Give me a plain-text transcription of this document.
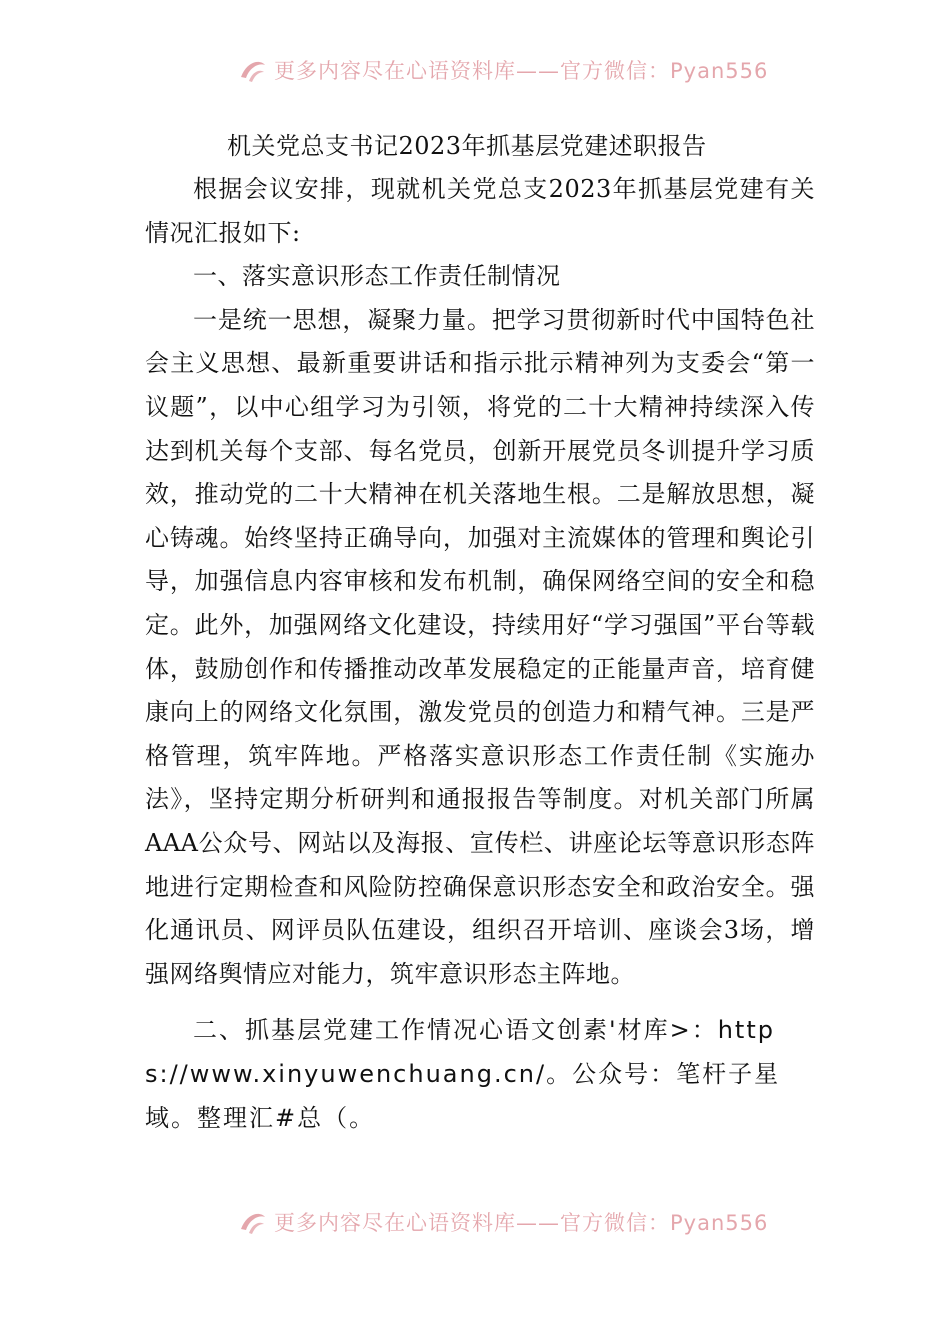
更多内容尽在心语资料库——官方微信：Pyan556
机关党总支书记2023年抓基层党建述职报告

根据会议安排，现就机关党总支2023年抓基层党建有关情况汇报如下:

一、落实意识形态工作责任制情况

一是统一思想，凝聚力量。把学习贯彻新时代中国特色社会主义思想、最新重要讲话和指示批示精神列为支委会“第一议题”，以中心组学习为引领，将党的二十大精神持续深入传达到机关每个支部、每名党员，创新开展党员冬训提升学习质效，推动党的二十大精神在机关落地生根。二是解放思想，凝心铸魂。始终坚持正确导向，加强对主流媒体的管理和舆论引导，加强信息内容审核和发布机制，确保网络空间的安全和稳定。此外，加强网络文化建设，持续用好“学习强国”平台等载体，鼓励创作和传播推动改革发展稳定的正能量声音，培育健康向上的网络文化氛围，激发党员的创造力和精气神。三是严格管理，筑牢阵地。严格落实意识形态工作责任制《实施办法》，坚持定期分析研判和通报报告等制度。对机关部门所属AAA公众号、网站以及海报、宣传栏、讲座论坛等意识形态阵地进行定期检查和风险防控确保意识形态安全和政治安全。强化通讯员、网评员队伍建设，组织召开培训、座谈会3场，增强网络舆情应对能力，筑牢意识形态主阵地。

二、抓基层党建工作情况心语文创素'材库>：https://www.xinyuwenchuang.cn/。公众号：笔杆子星域。整理汇#总（。

更多内容尽在心语资料库——官方微信：Pyan556
